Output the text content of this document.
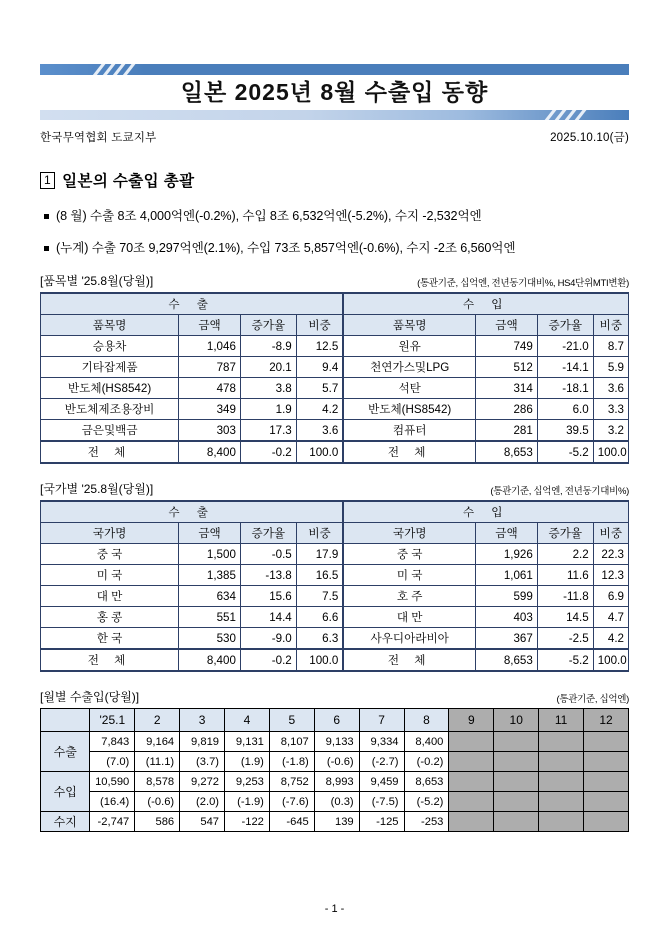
일본 2025년 8월 수출입 동향
한국무역협회 도쿄지부	2025.10.10(금)
1 일본의 수출입 총괄
(8 월) 수출 8조 4,000억엔(-0.2%), 수입 8조 6,532억엔(-5.2%), 수지 -2,532억엔
(누계) 수출 70조 9,297억엔(2.1%), 수입 73조 5,857억엔(-0.6%), 수지 -2조 6,560억엔
[품목별 '25.8월(당월)]	(통관기준, 십억엔, 전년동기대비%, HS4단위MTI변환)
수 출				수 입			
품목명	금액	증가율	비중	품목명	금액	증가율	비중
승용차	1,046	-8.9	12.5	원유	749	-21.0	8.7
기타잡제품	787	20.1	9.4	천연가스및LPG	512	-14.1	5.9
반도체(HS8542)	478	3.8	5.7	석탄	314	-18.1	3.6
반도체제조용장비	349	1.9	4.2	반도체(HS8542)	286	6.0	3.3
금은및백금	303	17.3	3.6	컴퓨터	281	39.5	3.2
전 체	8,400	-0.2	100.0	전 체	8,653	-5.2	100.0
[국가별 '25.8월(당월)]	(통관기준, 십억엔, 전년동기대비%)
수 출				수 입			
국가명	금액	증가율	비중	국가명	금액	증가율	비중
중 국	1,500	-0.5	17.9	중 국	1,926	2.2	22.3
미 국	1,385	-13.8	16.5	미 국	1,061	11.6	12.3
대 만	634	15.6	7.5	호 주	599	-11.8	6.9
홍 콩	551	14.4	6.6	대 만	403	14.5	4.7
한 국	530	-9.0	6.3	사우디아라비아	367	-2.5	4.2
전 체	8,400	-0.2	100.0	전 체	8,653	-5.2	100.0
[월별 수출입(당월)]	(통관기준, 십억엔)
	'25.1	2	3	4	5	6	7	8	9	10	11	12
수출	7,843	9,164	9,819	9,131	8,107	9,133	9,334	8,400				
	(7.0)	(11.1)	(3.7)	(1.9)	(-1.8)	(-0.6)	(-2.7)	(-0.2)				
수입	10,590	8,578	9,272	9,253	8,752	8,993	9,459	8,653				
	(16.4)	(-0.6)	(2.0)	(-1.9)	(-7.6)	(0.3)	(-7.5)	(-5.2)				
수지	-2,747	586	547	-122	-645	139	-125	-253				
- 1 -
